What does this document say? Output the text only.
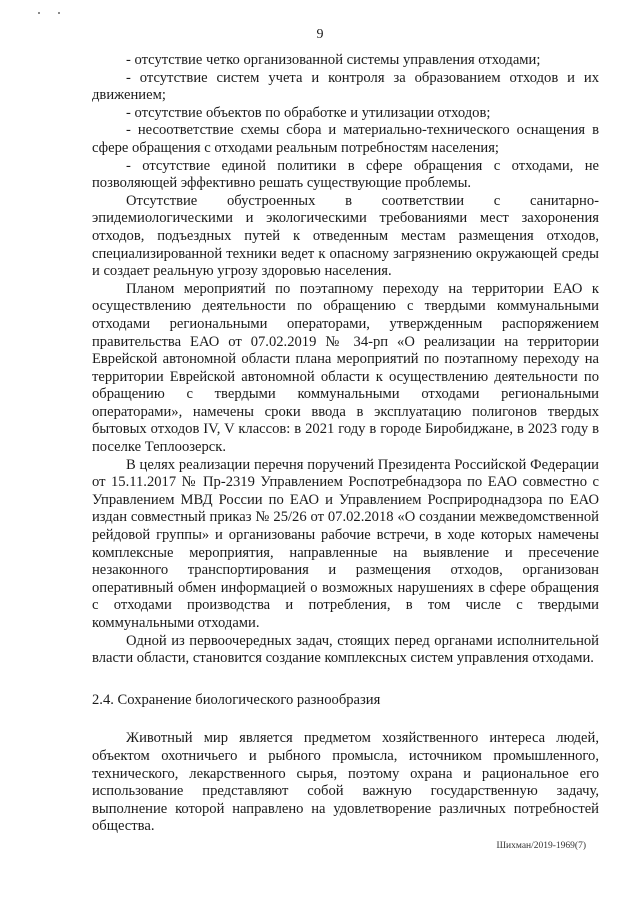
9

- отсутствие четко организованной системы управления отходами;

- отсутствие систем учета и контроля за образованием отходов и их движением;

- отсутствие объектов по обработке и утилизации отходов;

- несоответствие схемы сбора и материально-технического оснащения в сфере обращения с отходами реальным потребностям населения;

- отсутствие единой политики в сфере обращения с отходами, не позволяющей эффективно решать существующие проблемы.

Отсутствие обустроенных в соответствии с санитарно-эпидемиологическими и экологическими требованиями мест захоронения отходов, подъездных путей к отведенным местам размещения отходов, специализированной техники ведет к опасному загрязнению окружающей среды и создает реальную угрозу здоровью населения.

Планом мероприятий по поэтапному переходу на территории ЕАО к осуществлению деятельности по обращению с твердыми коммунальными отходами региональными операторами, утвержденным распоряжением правительства ЕАО от 07.02.2019 № 34-рп «О реализации на территории Еврейской автономной области плана мероприятий по поэтапному переходу на территории Еврейской автономной области к осуществлению деятельности по обращению с твердыми коммунальными отходами региональными операторами», намечены сроки ввода в эксплуатацию полигонов твердых бытовых отходов IV, V классов: в 2021 году в городе Биробиджане, в 2023 году в поселке Теплоозерск.

В целях реализации перечня поручений Президента Российской Федерации от 15.11.2017 № Пр-2319 Управлением Роспотребнадзора по ЕАО совместно с Управлением МВД России по ЕАО и Управлением Росприроднадзора по ЕАО издан совместный приказ № 25/26 от 07.02.2018 «О создании межведомственной рейдовой группы» и организованы рабочие встречи, в ходе которых намечены комплексные мероприятия, направленные на выявление и пресечение незаконного транспортирования и размещения отходов, организован оперативный обмен информацией о возможных нарушениях в сфере обращения с отходами производства и потребления, в том числе с твердыми коммунальными отходами.

Одной из первоочередных задач, стоящих перед органами исполнительной власти области, становится создание комплексных систем управления отходами.

2.4. Сохранение биологического разнообразия

Животный мир является предметом хозяйственного интереса людей, объектом охотничьего и рыбного промысла, источником промышленного, технического, лекарственного сырья, поэтому охрана и рациональное его использование представляют собой важную государственную задачу, выполнение которой направлено на удовлетворение различных потребностей общества.

Шихман/2019-1969(7)
